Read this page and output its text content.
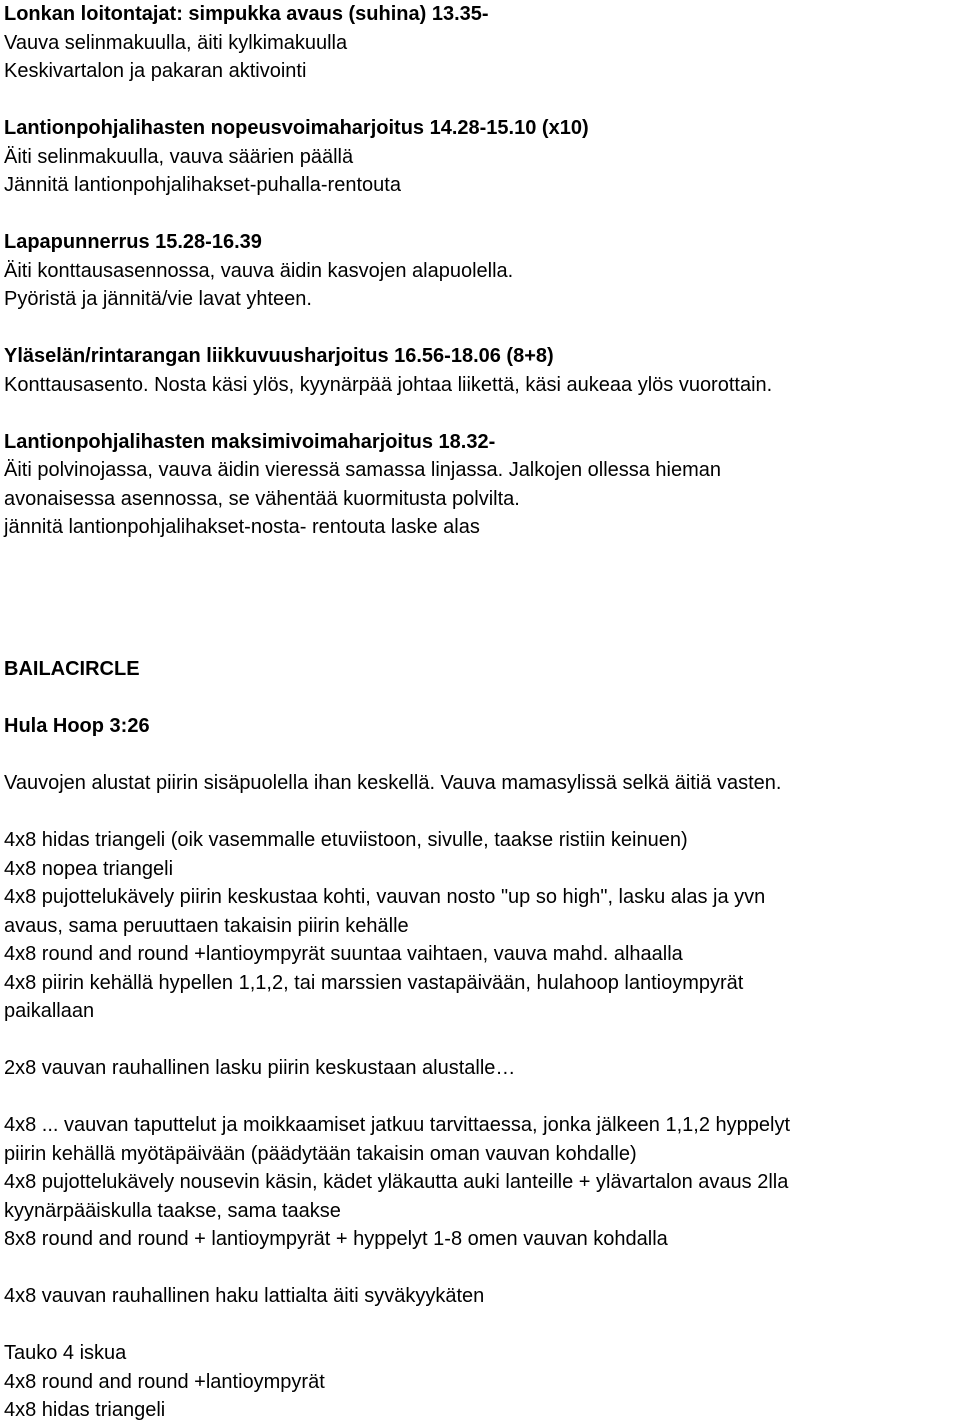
Lonkan loitontajat: simpukka avaus (suhina) 13.35-
Vauva selinmakuulla, äiti kylkimakuulla
Keskivartalon ja pakaran aktivointi
Lantionpohjalihasten nopeusvoimaharjoitus 14.28-15.10 (x10)
Äiti selinmakuulla, vauva säärien päällä
Jännitä lantionpohjalihakset-puhalla-rentouta
Lapapunnerrus 15.28-16.39
Äiti konttausasennossa, vauva äidin kasvojen alapuolella.
Pyöristä ja jännitä/vie lavat yhteen.
Yläselän/rintarangan liikkuvuusharjoitus 16.56-18.06 (8+8)
Konttausasento. Nosta käsi ylös, kyynärpää johtaa liikettä, käsi aukeaa ylös vuorottain.
Lantionpohjalihasten maksimivoimaharjoitus 18.32-
Äiti polvinojassa, vauva äidin vieressä samassa linjassa. Jalkojen ollessa hieman
avonaisessa asennossa, se vähentää kuormitusta polvilta.
jännitä lantionpohjalihakset-nosta- rentouta laske alas
BAILACIRCLE
Hula Hoop 3:26
Vauvojen alustat piirin sisäpuolella ihan keskellä. Vauva mamasylissä selkä äitiä vasten.
4x8 hidas triangeli (oik vasemmalle etuviistoon, sivulle, taakse ristiin keinuen)
4x8 nopea triangeli
4x8 pujottelukävely piirin keskustaa kohti, vauvan nosto "up so high", lasku alas ja yvn
avaus, sama peruuttaen takaisin piirin kehälle
4x8 round and round +lantioympyrät suuntaa vaihtaen, vauva mahd. alhaalla
4x8 piirin kehällä hypellen 1,1,2, tai marssien vastapäivään, hulahoop lantioympyrät
paikallaan
2x8 vauvan rauhallinen lasku piirin keskustaan alustalle…
4x8 ... vauvan taputtelut ja moikkaamiset jatkuu tarvittaessa, jonka jälkeen 1,1,2 hyppelyt
piirin kehällä myötäpäivään (päädytään takaisin oman vauvan kohdalle)
4x8 pujottelukävely nousevin käsin, kädet yläkautta auki lanteille + ylävartalon avaus 2lla
kyynärpääiskulla taakse, sama taakse
8x8 round and round + lantioympyrät + hyppelyt 1-8 omen vauvan kohdalla
4x8 vauvan rauhallinen haku lattialta äiti syväkyykäten
Tauko 4 iskua
4x8 round and round +lantioympyrät
4x8 hidas triangeli
